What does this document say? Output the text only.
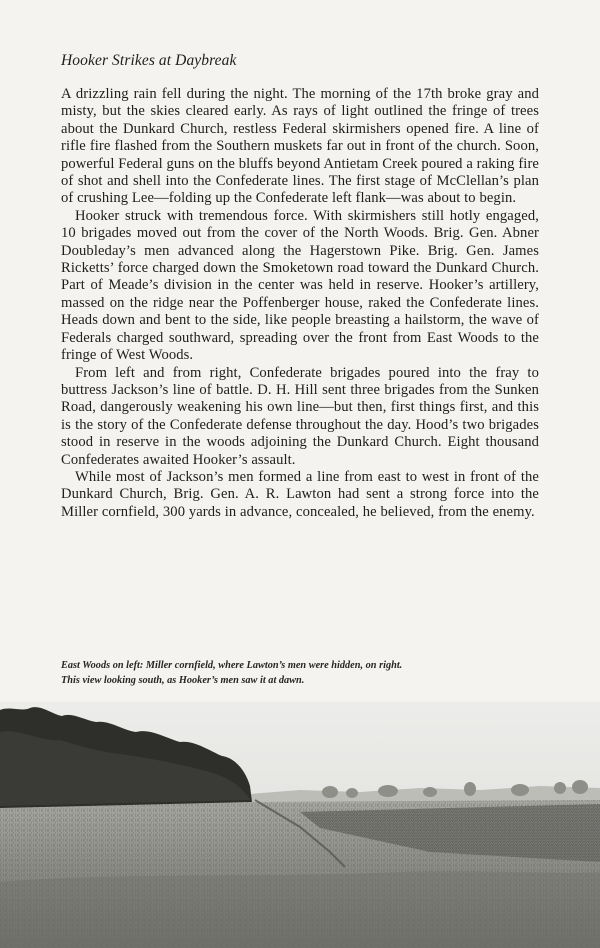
Hooker Strikes at Daybreak

A drizzling rain fell during the night. The morning of the 17th broke gray and misty, but the skies cleared early. As rays of light outlined the fringe of trees about the Dunkard Church, restless Federal skirmishers opened fire. A line of rifle fire flashed from the Southern muskets far out in front of the church. Soon, powerful Federal guns on the bluffs beyond Antietam Creek poured a raking fire of shot and shell into the Confederate lines. The first stage of McClellan’s plan of crushing Lee—folding up the Confederate left flank—was about to begin.

Hooker struck with tremendous force. With skirmishers still hotly engaged, 10 brigades moved out from the cover of the North Woods. Brig. Gen. Abner Doubleday’s men advanced along the Hagerstown Pike. Brig. Gen. James Ricketts’ force charged down the Smoketown road toward the Dunkard Church. Part of Meade’s division in the center was held in reserve. Hooker’s artillery, massed on the ridge near the Poffenberger house, raked the Confederate lines. Heads down and bent to the side, like people breasting a hailstorm, the wave of Federals charged southward, spreading over the front from East Woods to the fringe of West Woods.

From left and from right, Confederate brigades poured into the fray to buttress Jackson’s line of battle. D. H. Hill sent three brigades from the Sunken Road, dangerously weakening his own line—but then, first things first, and this is the story of the Confederate defense throughout the day. Hood’s two brigades stood in reserve in the woods adjoining the Dunkard Church. Eight thousand Confederates awaited Hooker’s assault.

While most of Jackson’s men formed a line from east to west in front of the Dunkard Church, Brig. Gen. A. R. Lawton had sent a strong force into the Miller cornfield, 300 yards in advance, concealed, he believed, from the enemy.

East Woods on left: Miller cornfield, where Lawton’s men were hidden, on right.
This view looking south, as Hooker’s men saw it at dawn.
